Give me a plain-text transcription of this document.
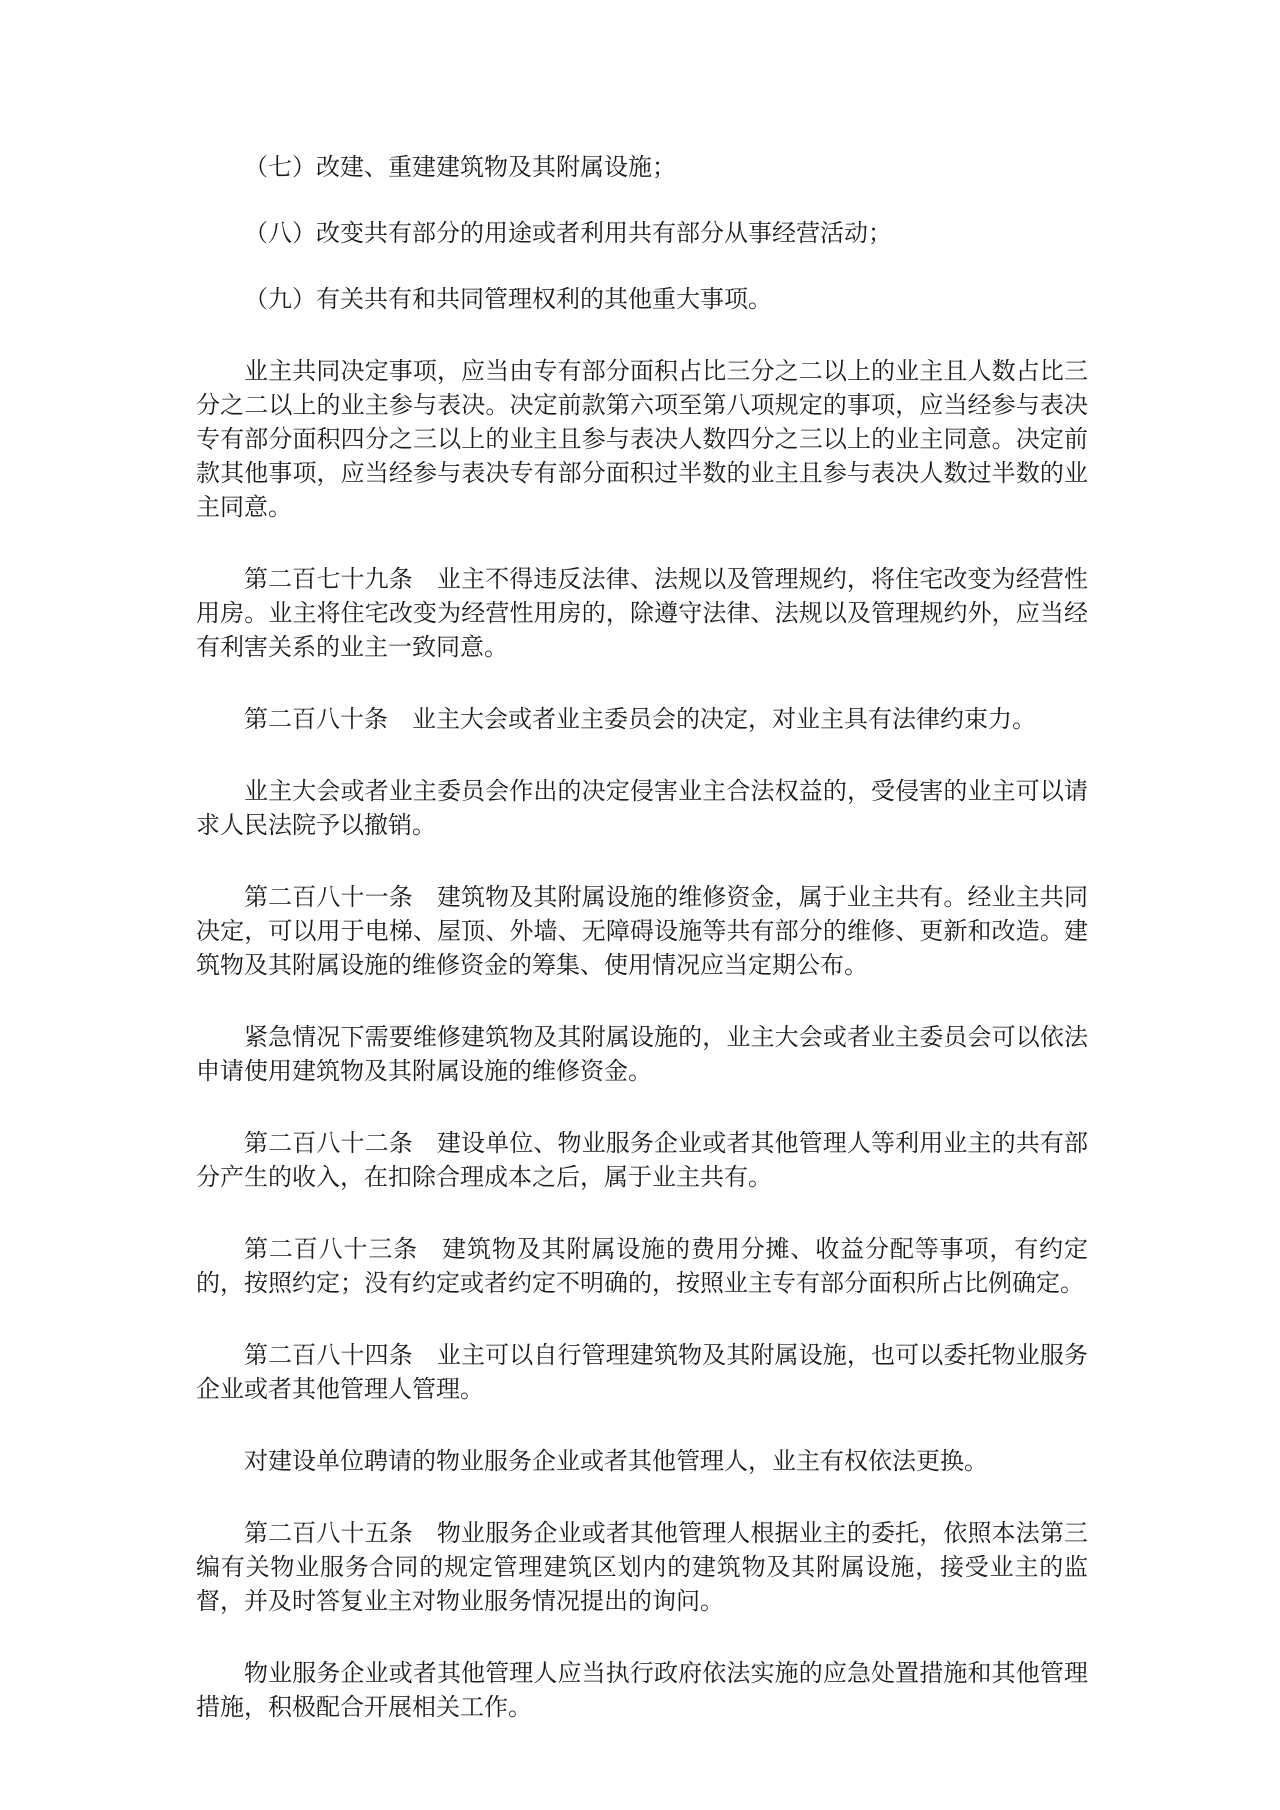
（七）改建、重建建筑物及其附属设施；

（八）改变共有部分的用途或者利用共有部分从事经营活动；

（九）有关共有和共同管理权利的其他重大事项。

业主共同决定事项，应当由专有部分面积占比三分之二以上的业主且人数占比三分之二以上的业主参与表决。决定前款第六项至第八项规定的事项，应当经参与表决专有部分面积四分之三以上的业主且参与表决人数四分之三以上的业主同意。决定前款其他事项，应当经参与表决专有部分面积过半数的业主且参与表决人数过半数的业主同意。

第二百七十九条 业主不得违反法律、法规以及管理规约，将住宅改变为经营性用房。业主将住宅改变为经营性用房的，除遵守法律、法规以及管理规约外，应当经有利害关系的业主一致同意。

第二百八十条 业主大会或者业主委员会的决定，对业主具有法律约束力。

业主大会或者业主委员会作出的决定侵害业主合法权益的，受侵害的业主可以请求人民法院予以撤销。

第二百八十一条 建筑物及其附属设施的维修资金，属于业主共有。经业主共同决定，可以用于电梯、屋顶、外墙、无障碍设施等共有部分的维修、更新和改造。建筑物及其附属设施的维修资金的筹集、使用情况应当定期公布。

紧急情况下需要维修建筑物及其附属设施的，业主大会或者业主委员会可以依法申请使用建筑物及其附属设施的维修资金。

第二百八十二条 建设单位、物业服务企业或者其他管理人等利用业主的共有部分产生的收入，在扣除合理成本之后，属于业主共有。

第二百八十三条 建筑物及其附属设施的费用分摊、收益分配等事项，有约定的，按照约定；没有约定或者约定不明确的，按照业主专有部分面积所占比例确定。

第二百八十四条 业主可以自行管理建筑物及其附属设施，也可以委托物业服务企业或者其他管理人管理。

对建设单位聘请的物业服务企业或者其他管理人，业主有权依法更换。

第二百八十五条 物业服务企业或者其他管理人根据业主的委托，依照本法第三编有关物业服务合同的规定管理建筑区划内的建筑物及其附属设施，接受业主的监督，并及时答复业主对物业服务情况提出的询问。

物业服务企业或者其他管理人应当执行政府依法实施的应急处置措施和其他管理措施，积极配合开展相关工作。
